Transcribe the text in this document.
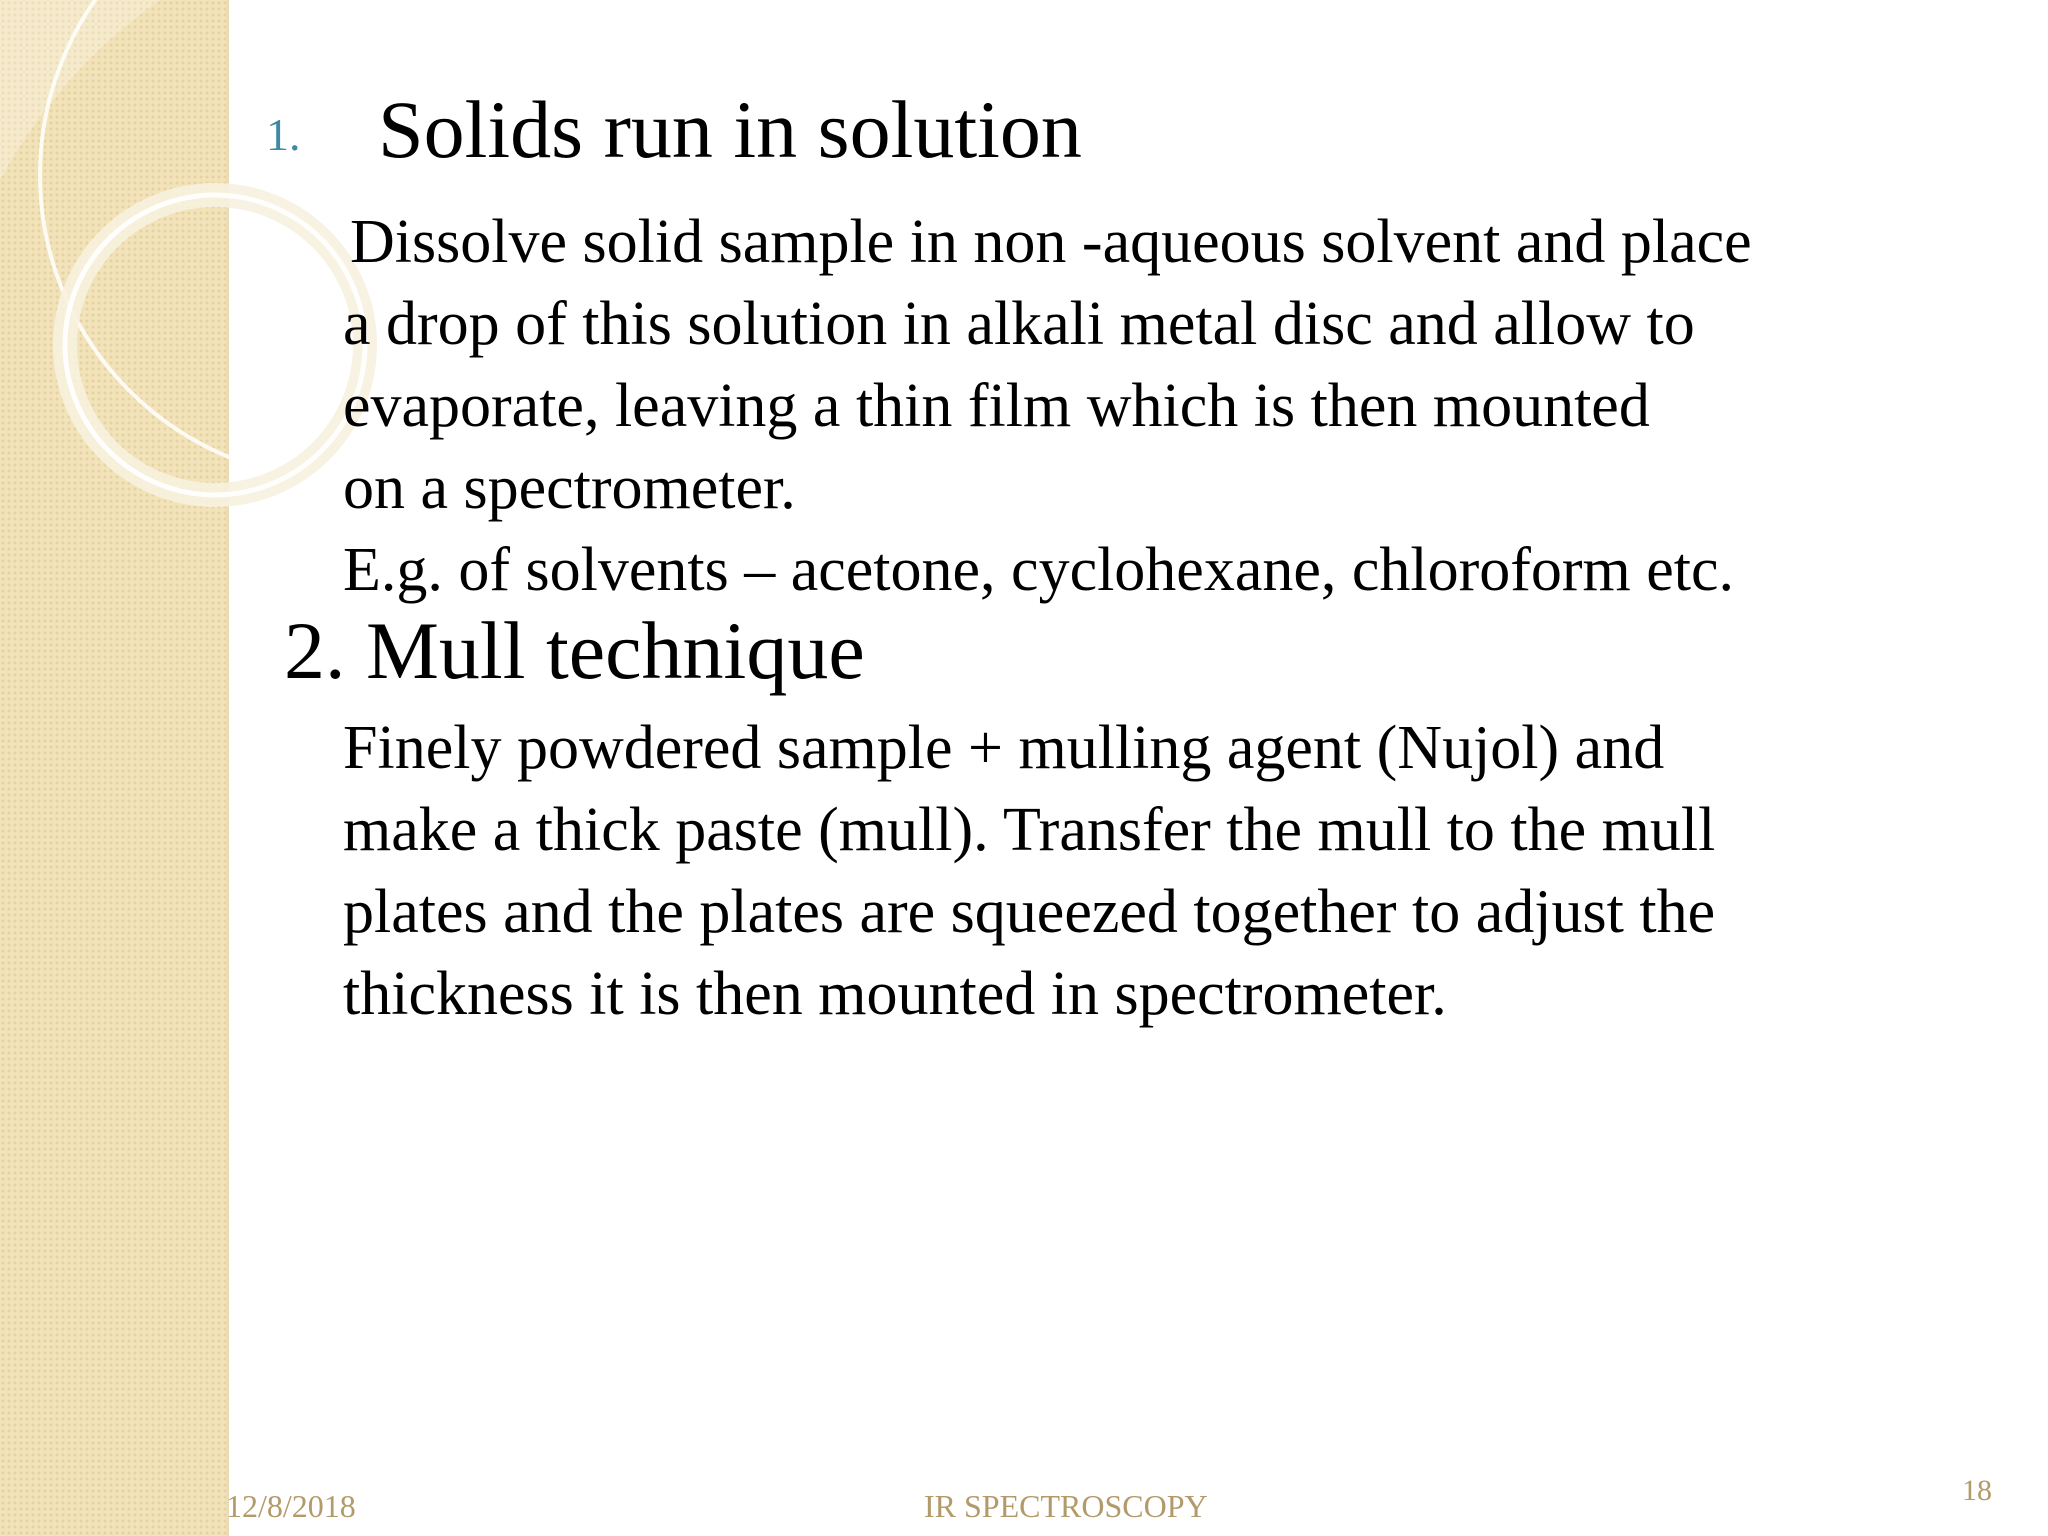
1. Solids run in solution
Dissolve solid sample in non -aqueous solvent and place
a drop of this solution in alkali metal disc and allow to
evaporate, leaving a thin film which is then mounted
on a spectrometer.
E.g. of solvents – acetone, cyclohexane, chloroform etc.
2. Mull technique
Finely powdered sample + mulling agent (Nujol) and
make a thick paste (mull). Transfer the mull to the mull
plates and the plates are squeezed together to adjust the
thickness it is then mounted in spectrometer.
12/8/2018	IR SPECTROSCOPY	18
